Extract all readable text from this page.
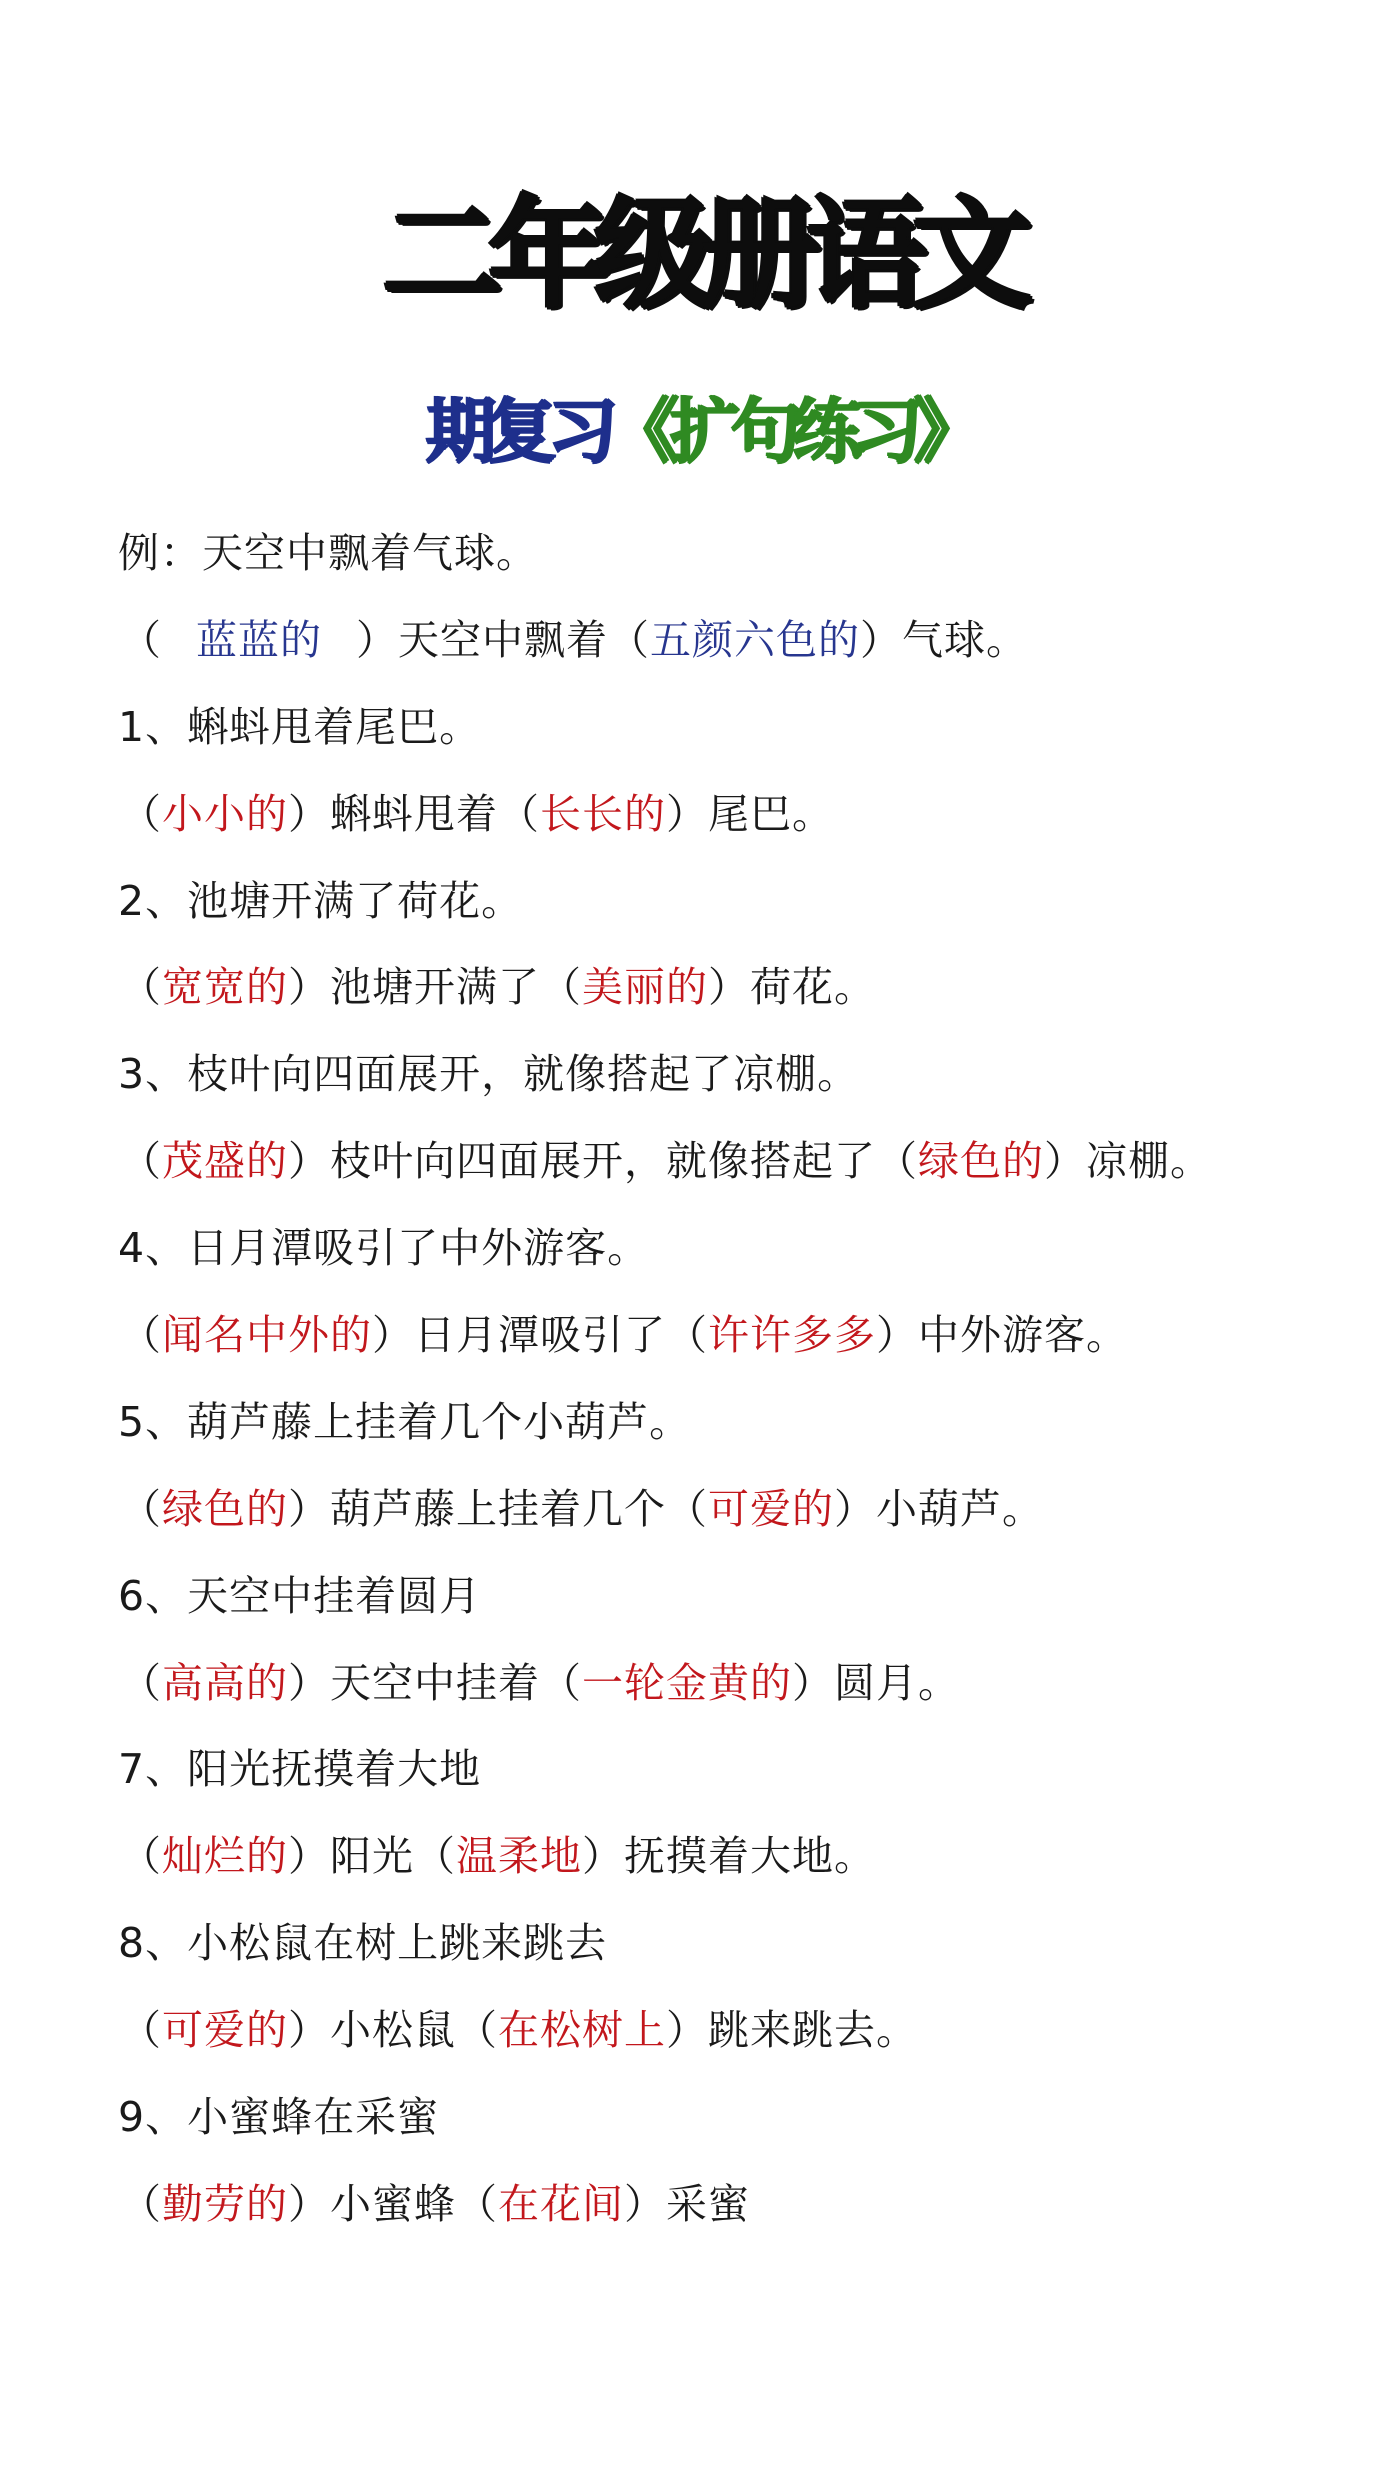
二年级册语文
期复习《扩句练习》
例：天空中飘着气球。
（ 蓝蓝的 ）天空中飘着（五颜六色的）气球。
1、蝌蚪甩着尾巴。
（小小的）蝌蚪甩着（长长的）尾巴。
2、池塘开满了荷花。
（宽宽的）池塘开满了（美丽的）荷花。
3、枝叶向四面展开，就像搭起了凉棚。
（茂盛的）枝叶向四面展开，就像搭起了（绿色的）凉棚。
4、日月潭吸引了中外游客。
（闻名中外的）日月潭吸引了（许许多多）中外游客。
5、葫芦藤上挂着几个小葫芦。
（绿色的）葫芦藤上挂着几个（可爱的）小葫芦。
6、天空中挂着圆月
（高高的）天空中挂着（一轮金黄的）圆月。
7、阳光抚摸着大地
（灿烂的）阳光（温柔地）抚摸着大地。
8、小松鼠在树上跳来跳去
（可爱的）小松鼠（在松树上）跳来跳去。
9、小蜜蜂在采蜜
（勤劳的）小蜜蜂（在花间）采蜜
